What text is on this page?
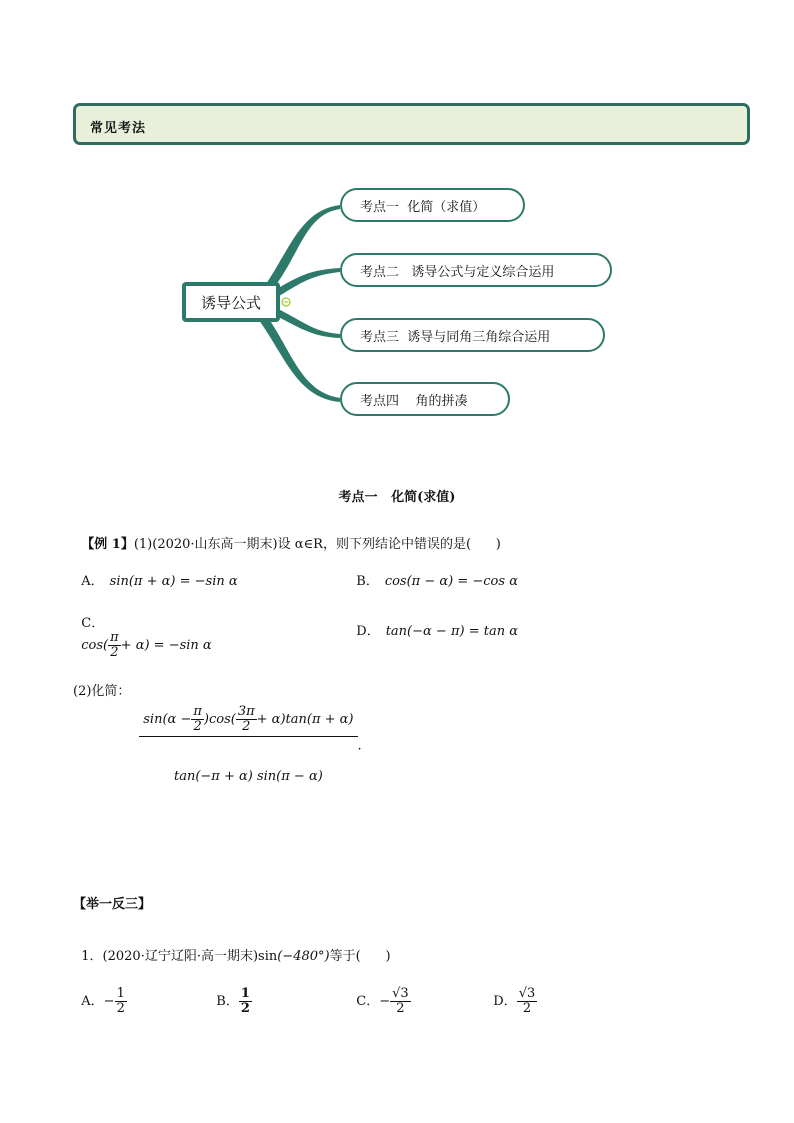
常见考法
诱导公式
考点一  化简（求值）
考点二   诱导公式与定义综合运用
考点三  诱导与同角三角综合运用
考点四    角的拼凑
考点一   化简(求值)

【例 1】(1)(2020·山东高一期末)设 α∈R，则下列结论中错误的是(      )

A． sin(π + α) = −sin α	B． cos(π − α) = −cos α

C．
$\cos( \frac{\pi}{2} + \alpha) = -\sin$ α

D． tan(−α − π) = tan α

(2)化简：

$\frac{\sin(\alpha - \frac{\pi}{2} )\cos( \frac{3\pi}{2} + \alpha)\tan(\pi + \alpha)}{\tan(-\pi + \alpha) \sin(\pi - \alpha)}$ .

【举一反三】

1．(2020·辽宁辽阳·高一期末)sin(−480°)等于(      )

A．− $\frac{1}{2}$	B． $\frac{1}{2}$	C．− $\frac{√3}{2}$	D． $\frac{√3}{2}$
